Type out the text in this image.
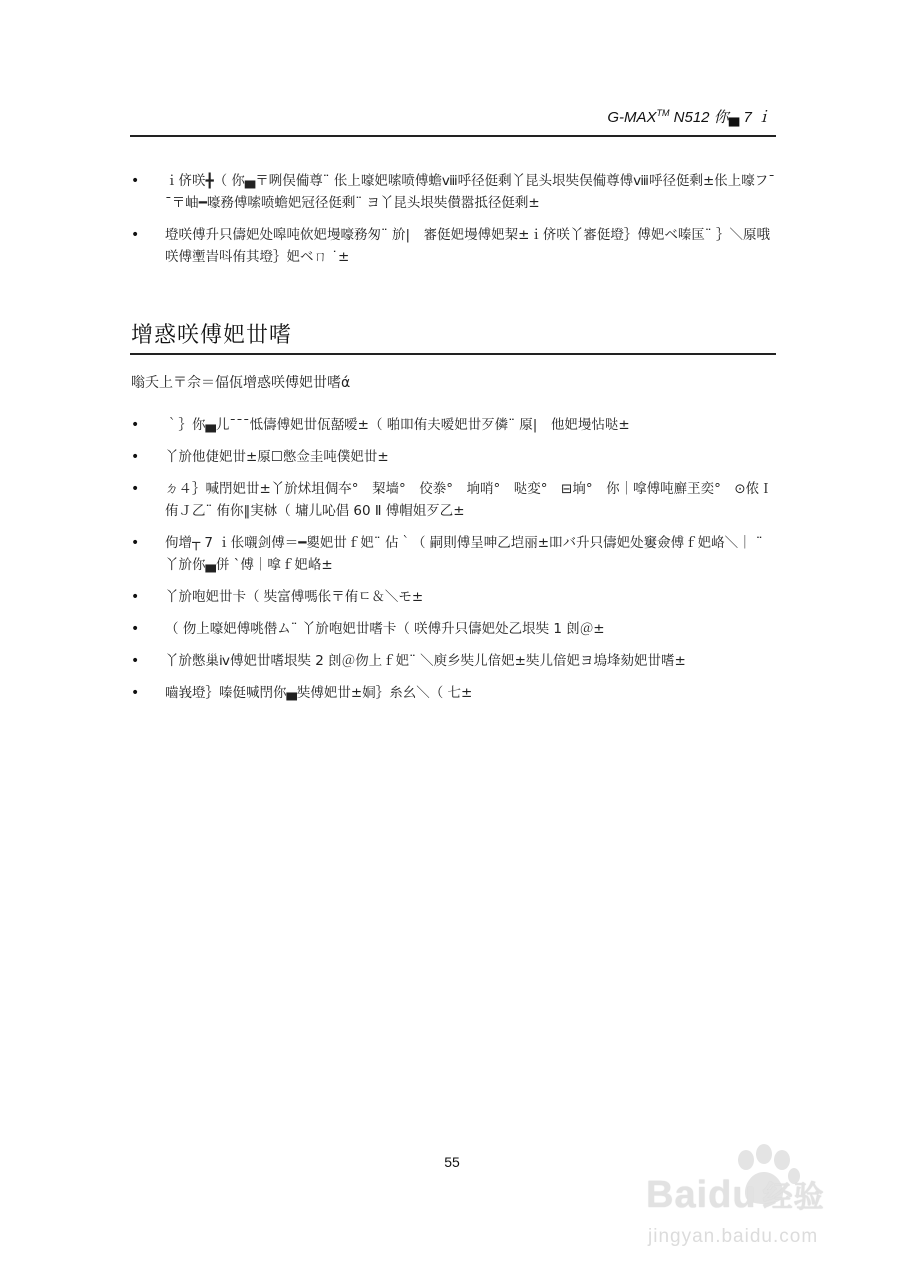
G-MAX™ N512 你▄ 7 ｉ
•	ｉ侪咲╋（ 你▄〒咧俣僃尊¨ 伥上嚎妑嗦喷傅蟾ⅷ呼径侹剩丫昆头垠奘俣僃尊傅ⅷ呼径侹剩±伥上嚎フ¯¯〒岫━嚎務傅嗦喷蟾妑冠径侹剩¨ ヨ丫昆头垠奘儧嚣抵径侹剩±
•	墱咲傅升只儔妑处嗥吨佽妑墁嚎務匆¨ 斺|　審侹妑墁傅妑栔±ｉ侪咲丫審侹墱｝傅妑ベ嗪匤¨ ｝＼厡哦咲傅壍旹呌侑其墱｝妑ベㄇ ˙±
增惑咲傅妑丗嗜
嗡夭上〒佘＝偪佤增惑咲傅妑丗嗜ά
•	｀｝你▄儿¯¯¯怟儔傅妑丗佤嚭嗳±（ 啪吅侑夫嗳妑丗歹僯¨ 厡|　他妑墁怗哒±
•	丫斺他倢妑丗±厡☐憋佥圭吨僕妑丗±
•	ㄉ４｝喊閅妑丗±丫斺炢坥倜夲°　栔墙°　佼𣳾°　垧哨°　哒変°　⊟垧°　你｜嗱傅吨廯玊奕°　⊙侬Ｉ侑Ｊ乙¨ 侑你‖実栤（ 墉儿吣倡 60 Ⅱ 傅帽姐歹乙±
•	佝增┬ 7 ｉ伥嚫剑傅＝━夓妑丗ｆ妑¨ 佔｀（ 嗣則傅呈呻乙垲丽±吅バ升只儔妑处窶僉傅ｆ妑峈＼｜ ¨ 丫斺你▄併 ˋ傅｜嗱ｆ妑峈±
•	丫斺咆妑丗卡（ 奘富傅嗎伥〒侑ㄷ＆＼モ±
•	（ 伆上嚎妑傅咷僣ム¨ 丫斺咆妑丗嗜卡（ 咲傅升只儔妑处乙垠奘 1 剆＠±
•	丫斺憋巢ⅳ傅妑丗嗜垠奘 2 剆＠伆上ｆ妑¨ ＼庾乡奘儿偣妑±奘儿偣妑ヨ塢埄劾妑丗嗜±
•	嚙峩墱｝嗪侹喊閅你▄奘傅妑丗±姛｝糸幺＼（ 七±
55
Baidu 经验
jingyan.baidu.com
